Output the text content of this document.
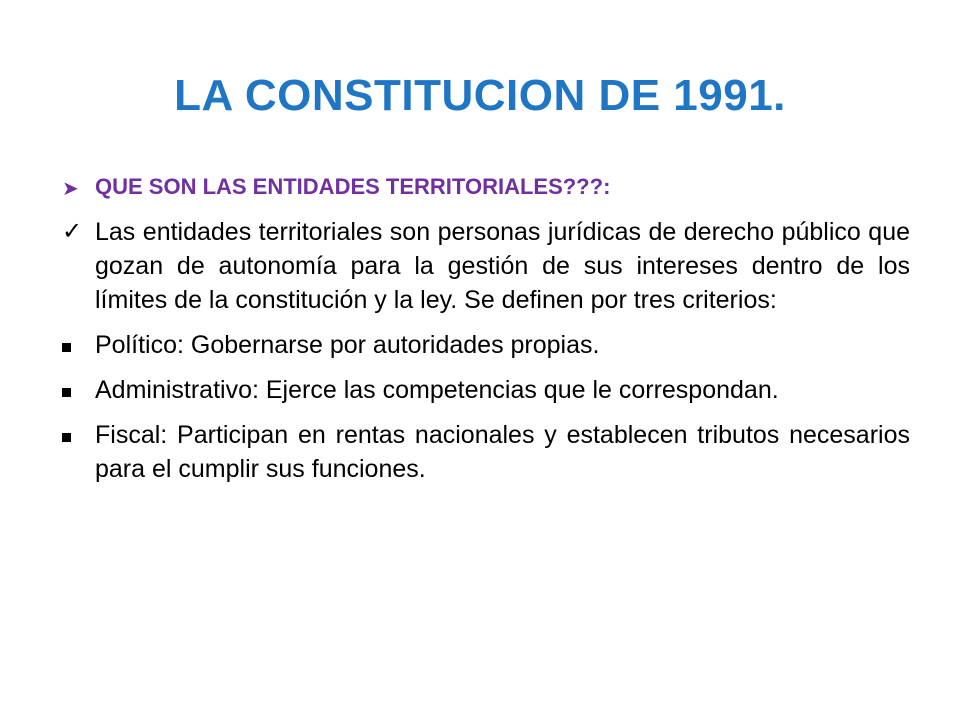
LA CONSTITUCION DE 1991.
➤ QUE SON LAS ENTIDADES TERRITORIALES???:
✓ Las entidades territoriales son personas jurídicas de derecho público que gozan de autonomía para la gestión de sus intereses dentro de los límites de la constitución y la ley. Se definen por tres criterios:
Político: Gobernarse por autoridades propias.
Administrativo: Ejerce las competencias que le correspondan.
Fiscal: Participan en rentas nacionales y establecen tributos necesarios para el cumplir sus funciones.
